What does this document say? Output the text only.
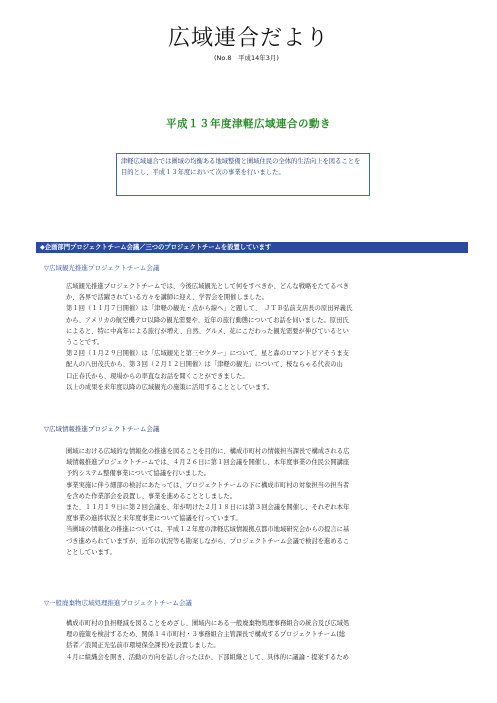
広域連合だより
(No.8　平成14年3月)
平成１３年度津軽広域連合の動き
津軽広域連合では圏域の均衡ある地域整備と圏域住民の全体的生活向上を図ることを目的とし、平成１３年度において次の事業を行いました。
◆企画部門プロジェクトチーム会議／三つのプロジェクトチームを設置しています
▽広域観光推進プロジェクトチーム会議

広域観光推進プロジェクトチームでは、今後広域観光として何をすべきか、どんな戦略をたてるべき

か、各界で活躍されている方々を講師に迎え、学習会を開催しました。

第１回（１１月７日開催）は「津軽の観光・点から線へ」と題して、　ＪＴＢ弘前支店長の原田昇義氏

から、アメリカの航空機テロ以降の観光需要や、近年の旅行動態についてお話を伺いました。原田氏

によると、特に中高年による旅行が増え、自然、グルメ、花にこだわった観光需要が伸びているとい

うことです。

第２回（１月２９日開催）は「広域観光と第三セクター」について、星と森のロマントピアそうま支

配人の八田茂氏から、第３回（２月１２日開催）は「津軽の観光」について、桜ならゃる代表の山

口正春氏から、現場からの率直なお話を聞くことができました。

以上の成果を来年度以降の広域観光の施策に活用することとしています。

▽広域情報推進プロジェクトチーム会議

圏域における広域的な情報化の推進を図ることを目的に、構成市町村の情報担当課長で構成される広

域情報推進プロジェクトチームでは、４月２６日に第１回会議を開催し、本年度事業の住民公開講座

予約システム整備事業について協議を行いました。

事業実施に伴う細部の検討にあたっては、プロジェクトチームの下に構成市町村の対象担当の担当者

を含めた作業部会を設置し、事業を進めることとしました。

また、１１月１９日に第２回会議を、年が明けた２月１８日には第３回会議を開催し、それぞれ本年

度事業の進捗状況と来年度事業について協議を行っています。

当圏域の情報化の推進については、平成１２年度の津軽広域情報拠点都市地域研究会からの提言に基

づき進められていますが、近年の状況等も勘案しながら、プロジェクトチーム会議で検討を進めるこ

ととしています。

▽一般廃棄物広域処理推進プロジェクトチーム会議

構成市町村の負担軽減を図ることをめざし、圏域内にある一般廃棄物処理事務組合の統合及び広域処

理の施策を検討するため、関係１４市町村・３事務組合主管課長で構成するプロジェクトチーム(総

括者／浪岡正光弘前市環境保全課長)を設置しました。

４月に組織会を開き、活動の方向を話し合ったほか、下部組織として、具体的に議論・提案するため
